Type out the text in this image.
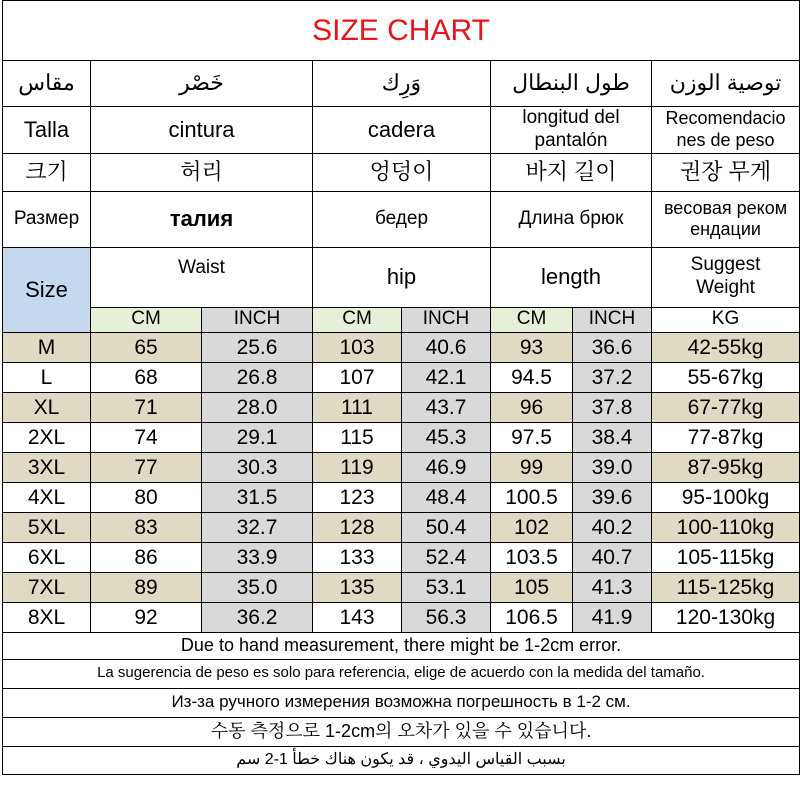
SIZE CHART							
مقاس	خَصْر		وَرِك		طول البنطال		توصية الوزن
Talla	cintura		cadera		longitud del pantalón		Recomendacio nes de peso
크기	허리		엉덩이		바지 길이		권장 무게
Размер	талия		бедер		Длина брюк		весовая реком ендации
Size	Waist		hip		length		Suggest Weight
	CM	INCH	CM	INCH	CM	INCH	KG
M	65	25.6	103	40.6	93	36.6	42-55kg
L	68	26.8	107	42.1	94.5	37.2	55-67kg
XL	71	28.0	111	43.7	96	37.8	67-77kg
2XL	74	29.1	115	45.3	97.5	38.4	77-87kg
3XL	77	30.3	119	46.9	99	39.0	87-95kg
4XL	80	31.5	123	48.4	100.5	39.6	95-100kg
5XL	83	32.7	128	50.4	102	40.2	100-110kg
6XL	86	33.9	133	52.4	103.5	40.7	105-115kg
7XL	89	35.0	135	53.1	105	41.3	115-125kg
8XL	92	36.2	143	56.3	106.5	41.9	120-130kg
Due to hand measurement, there might be 1-2cm error.							
La sugerencia de peso es solo para referencia, elige de acuerdo con la medida del tamaño.							
Из-за ручного измерения возможна погрешность в 1-2 см.							
수동 측정으로 1-2cm의 오차가 있을 수 있습니다.							
بسبب القياس اليدوي ، قد يكون هناك خطأ 1-2 سم							
